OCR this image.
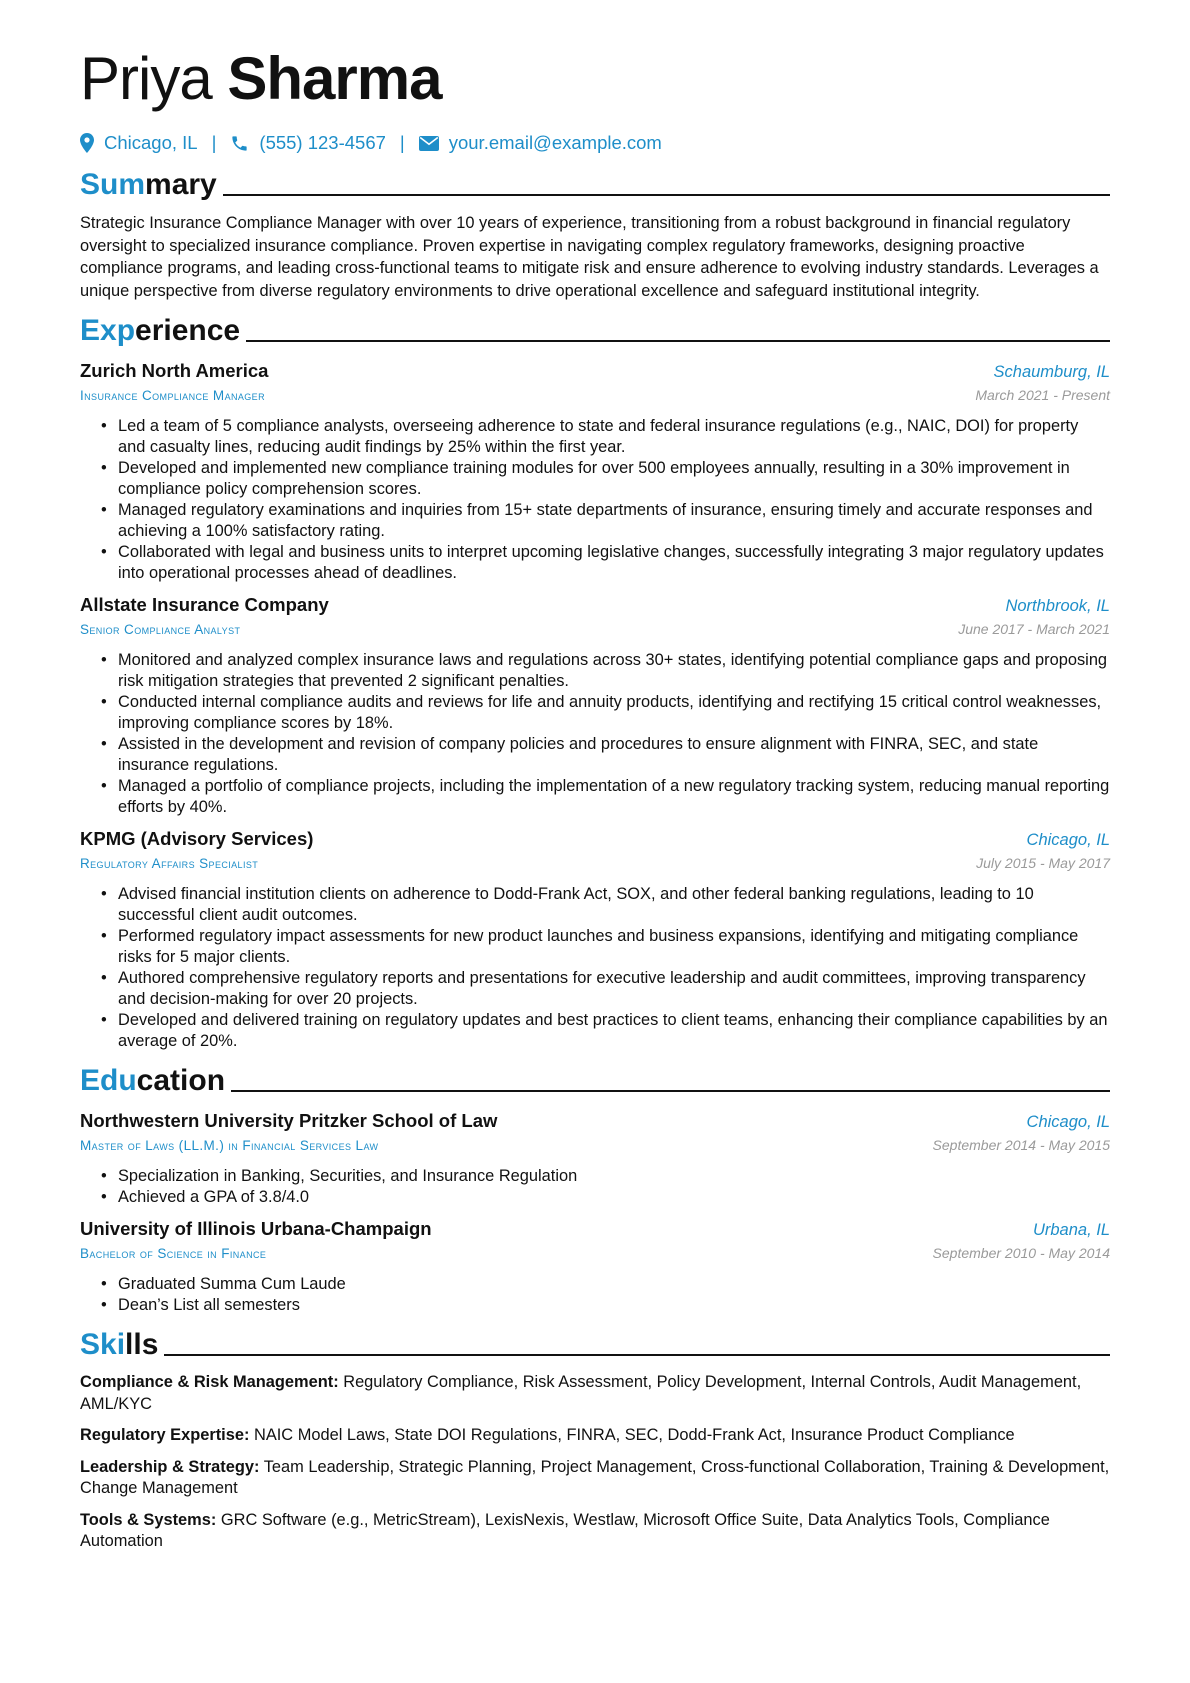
Priya Sharma
Chicago, IL | (555) 123-4567 | your.email@example.com
Summary
Strategic Insurance Compliance Manager with over 10 years of experience, transitioning from a robust background in financial regulatory oversight to specialized insurance compliance. Proven expertise in navigating complex regulatory frameworks, designing proactive compliance programs, and leading cross-functional teams to mitigate risk and ensure adherence to evolving industry standards. Leverages a unique perspective from diverse regulatory environments to drive operational excellence and safeguard institutional integrity.
Experience
Zurich North America	Schaumburg, IL
Insurance Compliance Manager	March 2021 - Present
• Led a team of 5 compliance analysts, overseeing adherence to state and federal insurance regulations (e.g., NAIC, DOI) for property and casualty lines, reducing audit findings by 25% within the first year.
• Developed and implemented new compliance training modules for over 500 employees annually, resulting in a 30% improvement in compliance policy comprehension scores.
• Managed regulatory examinations and inquiries from 15+ state departments of insurance, ensuring timely and accurate responses and achieving a 100% satisfactory rating.
• Collaborated with legal and business units to interpret upcoming legislative changes, successfully integrating 3 major regulatory updates into operational processes ahead of deadlines.
Allstate Insurance Company	Northbrook, IL
Senior Compliance Analyst	June 2017 - March 2021
• Monitored and analyzed complex insurance laws and regulations across 30+ states, identifying potential compliance gaps and proposing risk mitigation strategies that prevented 2 significant penalties.
• Conducted internal compliance audits and reviews for life and annuity products, identifying and rectifying 15 critical control weaknesses, improving compliance scores by 18%.
• Assisted in the development and revision of company policies and procedures to ensure alignment with FINRA, SEC, and state insurance regulations.
• Managed a portfolio of compliance projects, including the implementation of a new regulatory tracking system, reducing manual reporting efforts by 40%.
KPMG (Advisory Services)	Chicago, IL
Regulatory Affairs Specialist	July 2015 - May 2017
• Advised financial institution clients on adherence to Dodd-Frank Act, SOX, and other federal banking regulations, leading to 10 successful client audit outcomes.
• Performed regulatory impact assessments for new product launches and business expansions, identifying and mitigating compliance risks for 5 major clients.
• Authored comprehensive regulatory reports and presentations for executive leadership and audit committees, improving transparency and decision-making for over 20 projects.
• Developed and delivered training on regulatory updates and best practices to client teams, enhancing their compliance capabilities by an average of 20%.
Education
Northwestern University Pritzker School of Law	Chicago, IL
Master of Laws (LL.M.) in Financial Services Law	September 2014 - May 2015
• Specialization in Banking, Securities, and Insurance Regulation
• Achieved a GPA of 3.8/4.0
University of Illinois Urbana-Champaign	Urbana, IL
Bachelor of Science in Finance	September 2010 - May 2014
• Graduated Summa Cum Laude
• Dean’s List all semesters
Skills
Compliance & Risk Management: Regulatory Compliance, Risk Assessment, Policy Development, Internal Controls, Audit Management, AML/KYC
Regulatory Expertise: NAIC Model Laws, State DOI Regulations, FINRA, SEC, Dodd-Frank Act, Insurance Product Compliance
Leadership & Strategy: Team Leadership, Strategic Planning, Project Management, Cross-functional Collaboration, Training & Development, Change Management
Tools & Systems: GRC Software (e.g., MetricStream), LexisNexis, Westlaw, Microsoft Office Suite, Data Analytics Tools, Compliance Automation
